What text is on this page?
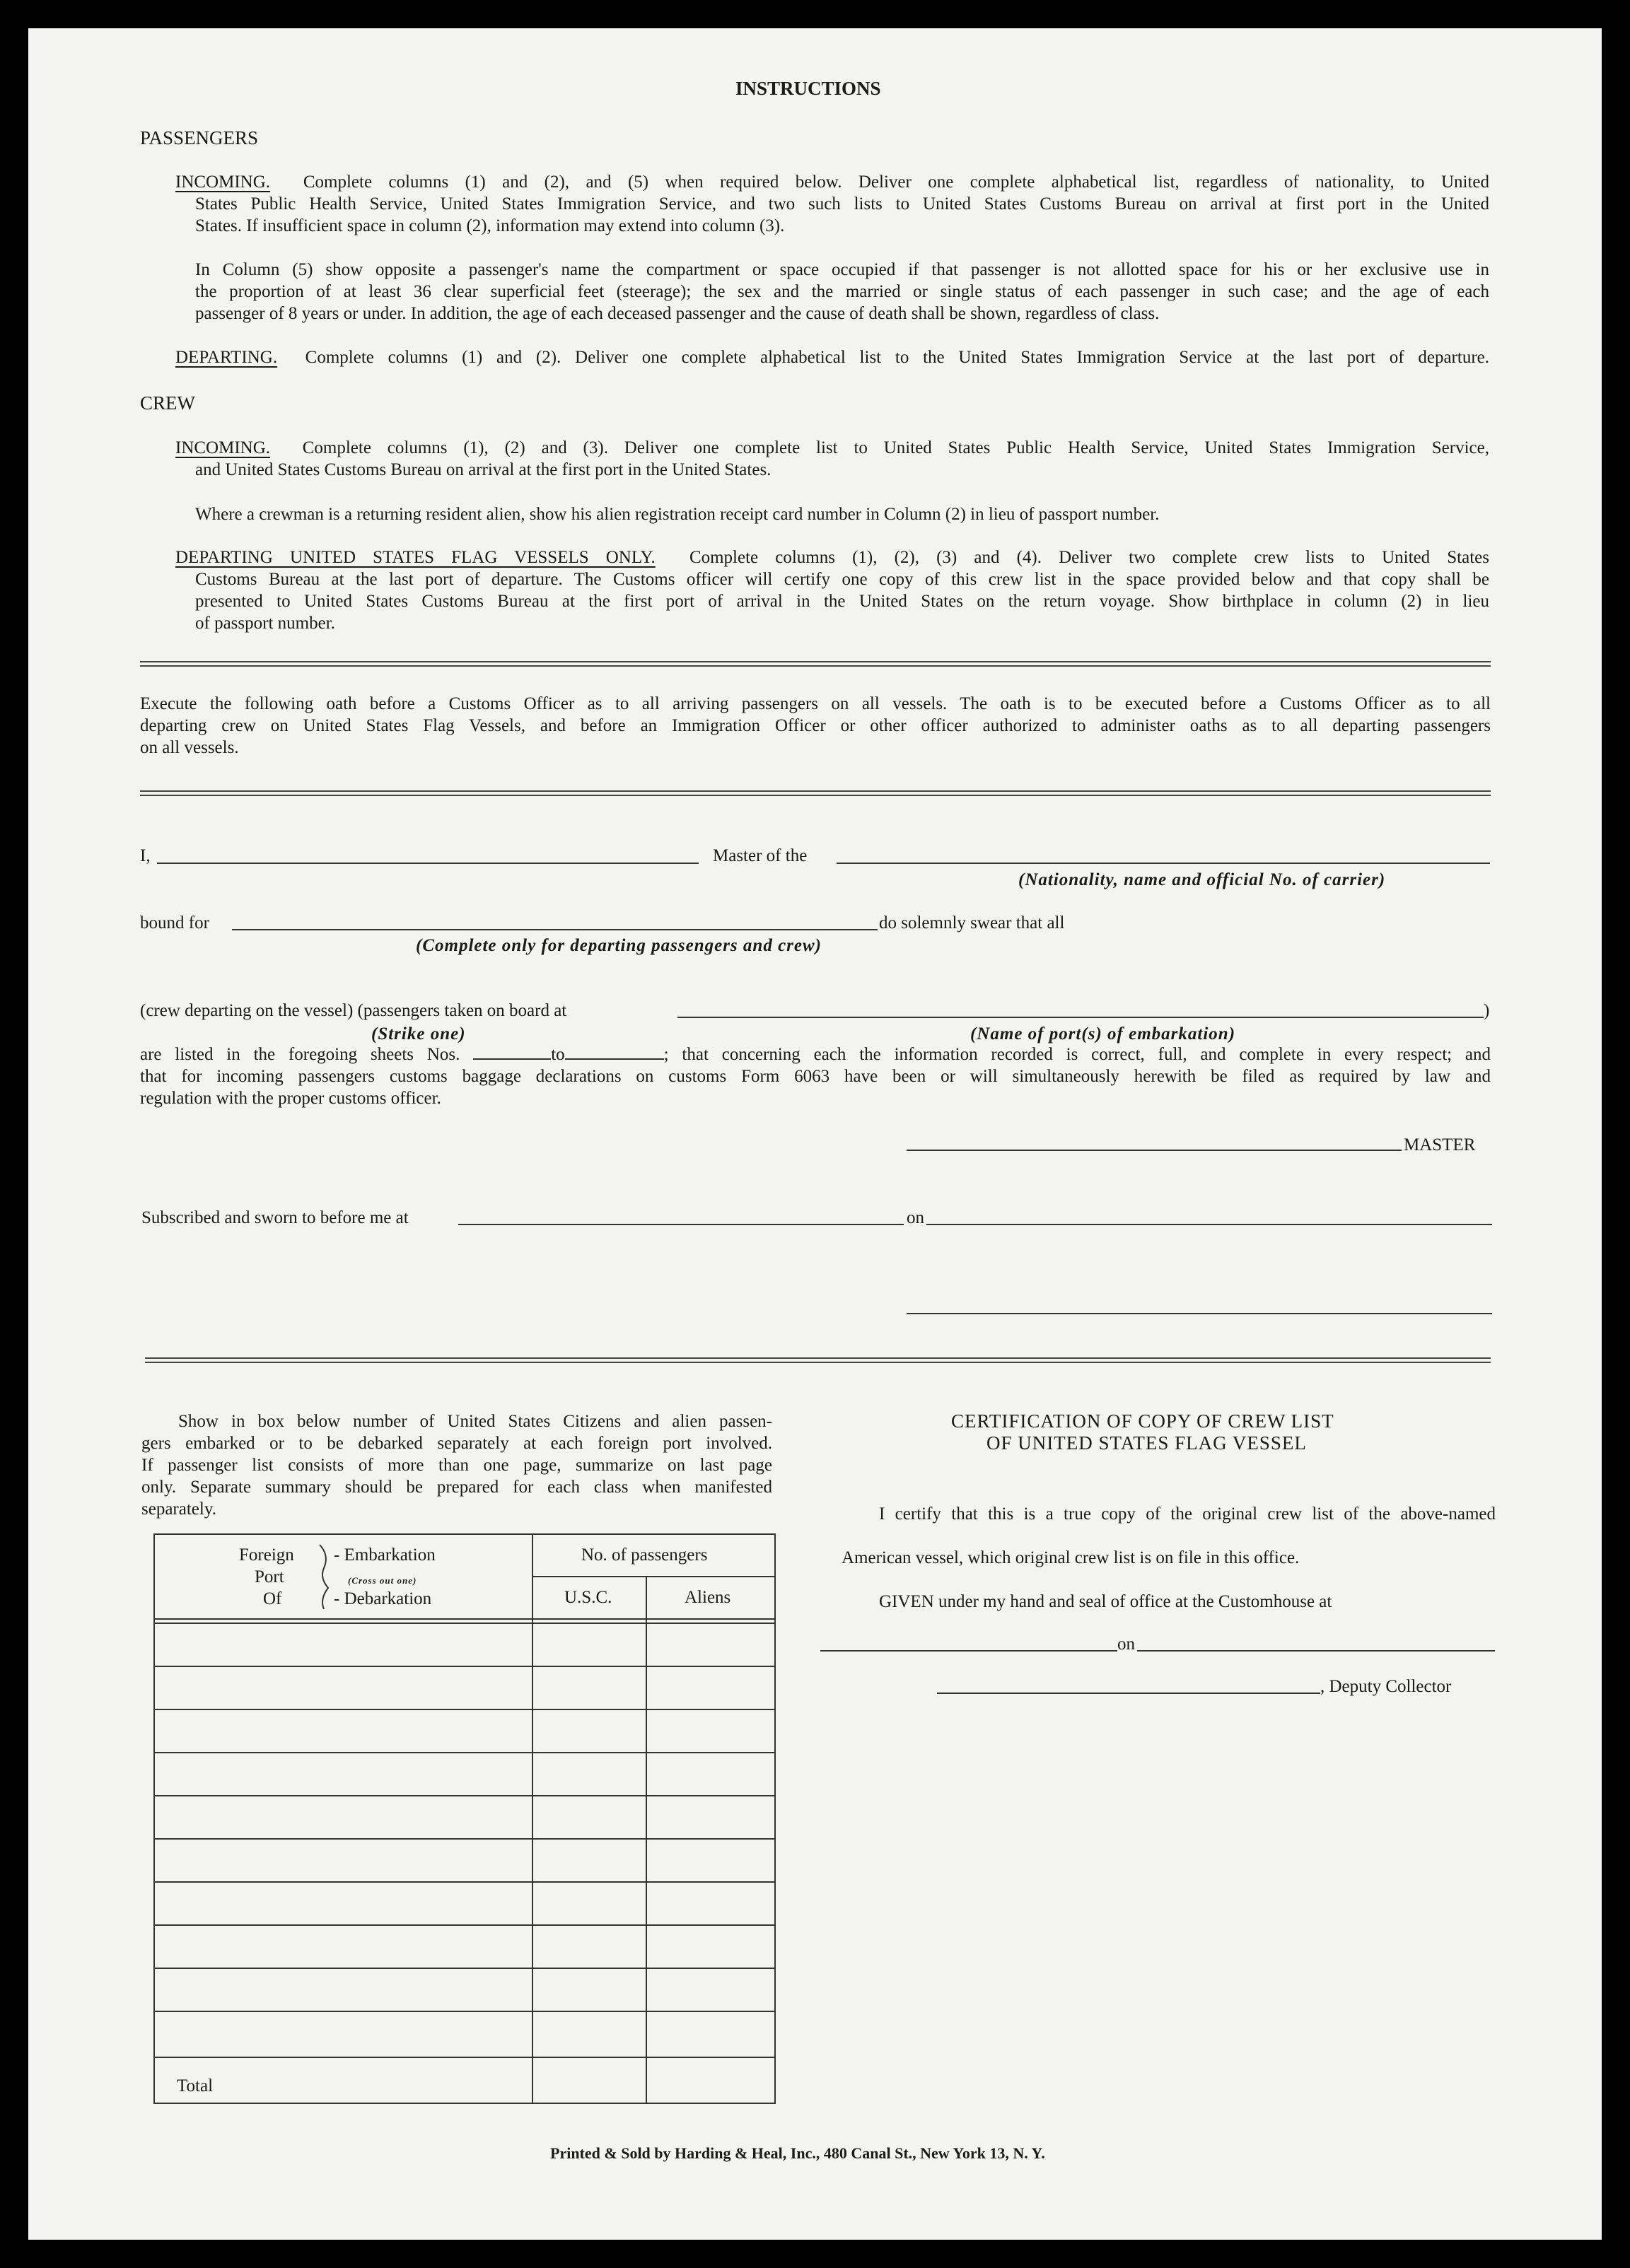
INSTRUCTIONS
PASSENGERS
INCOMING. Complete columns (1) and (2), and (5) when required below. Deliver one complete alphabetical list, regardless of nationality, to United
States Public Health Service, United States Immigration Service, and two such lists to United States Customs Bureau on arrival at first port in the United
States. If insufficient space in column (2), information may extend into column (3).
In Column (5) show opposite a passenger's name the compartment or space occupied if that passenger is not allotted space for his or her exclusive use in
the proportion of at least 36 clear superficial feet (steerage); the sex and the married or single status of each passenger in such case; and the age of each
passenger of 8 years or under. In addition, the age of each deceased passenger and the cause of death shall be shown, regardless of class.
DEPARTING. Complete columns (1) and (2). Deliver one complete alphabetical list to the United States Immigration Service at the last port of departure.
CREW
INCOMING. Complete columns (1), (2) and (3). Deliver one complete list to United States Public Health Service, United States Immigration Service,
and United States Customs Bureau on arrival at the first port in the United States.
Where a crewman is a returning resident alien, show his alien registration receipt card number in Column (2) in lieu of passport number.
DEPARTING UNITED STATES FLAG VESSELS ONLY. Complete columns (1), (2), (3) and (4). Deliver two complete crew lists to United States
Customs Bureau at the last port of departure. The Customs officer will certify one copy of this crew list in the space provided below and that copy shall be
presented to United States Customs Bureau at the first port of arrival in the United States on the return voyage. Show birthplace in column (2) in lieu
of passport number.
Execute the following oath before a Customs Officer as to all arriving passengers on all vessels. The oath is to be executed before a Customs Officer as to all
departing crew on United States Flag Vessels, and before an Immigration Officer or other officer authorized to administer oaths as to all departing passengers
on all vessels.
I,	Master of the
(Nationality, name and official No. of carrier)
bound for	do solemnly swear that all
(Complete only for departing passengers and crew)
(crew departing on the vessel) (passengers taken on board at	)
(Strike one)	(Name of port(s) of embarkation)
are listed in the foregoing sheets Nos.	to	; that concerning each the information recorded is correct, full, and complete in every respect; and
that for incoming passengers customs baggage declarations on customs Form 6063 have been or will simultaneously herewith be filed as required by law and
regulation with the proper customs officer.
MASTER
Subscribed and sworn to before me at	on
Show in box below number of United States Citizens and alien passen-
gers embarked or to be debarked separately at each foreign port involved.
If passenger list consists of more than one page, summarize on last page
only. Separate summary should be prepared for each class when manifested
separately.
Foreign
Port
Of
- Embarkation
(Cross out one)
- Debarkation
No. of passengers
U.S.C.	Aliens
Total
CERTIFICATION OF COPY OF CREW LIST
OF UNITED STATES FLAG VESSEL
I certify that this is a true copy of the original crew list of the above-named
American vessel, which original crew list is on file in this office.
GIVEN under my hand and seal of office at the Customhouse at
on
, Deputy Collector
Printed & Sold by Harding & Heal, Inc., 480 Canal St., New York 13, N. Y.
